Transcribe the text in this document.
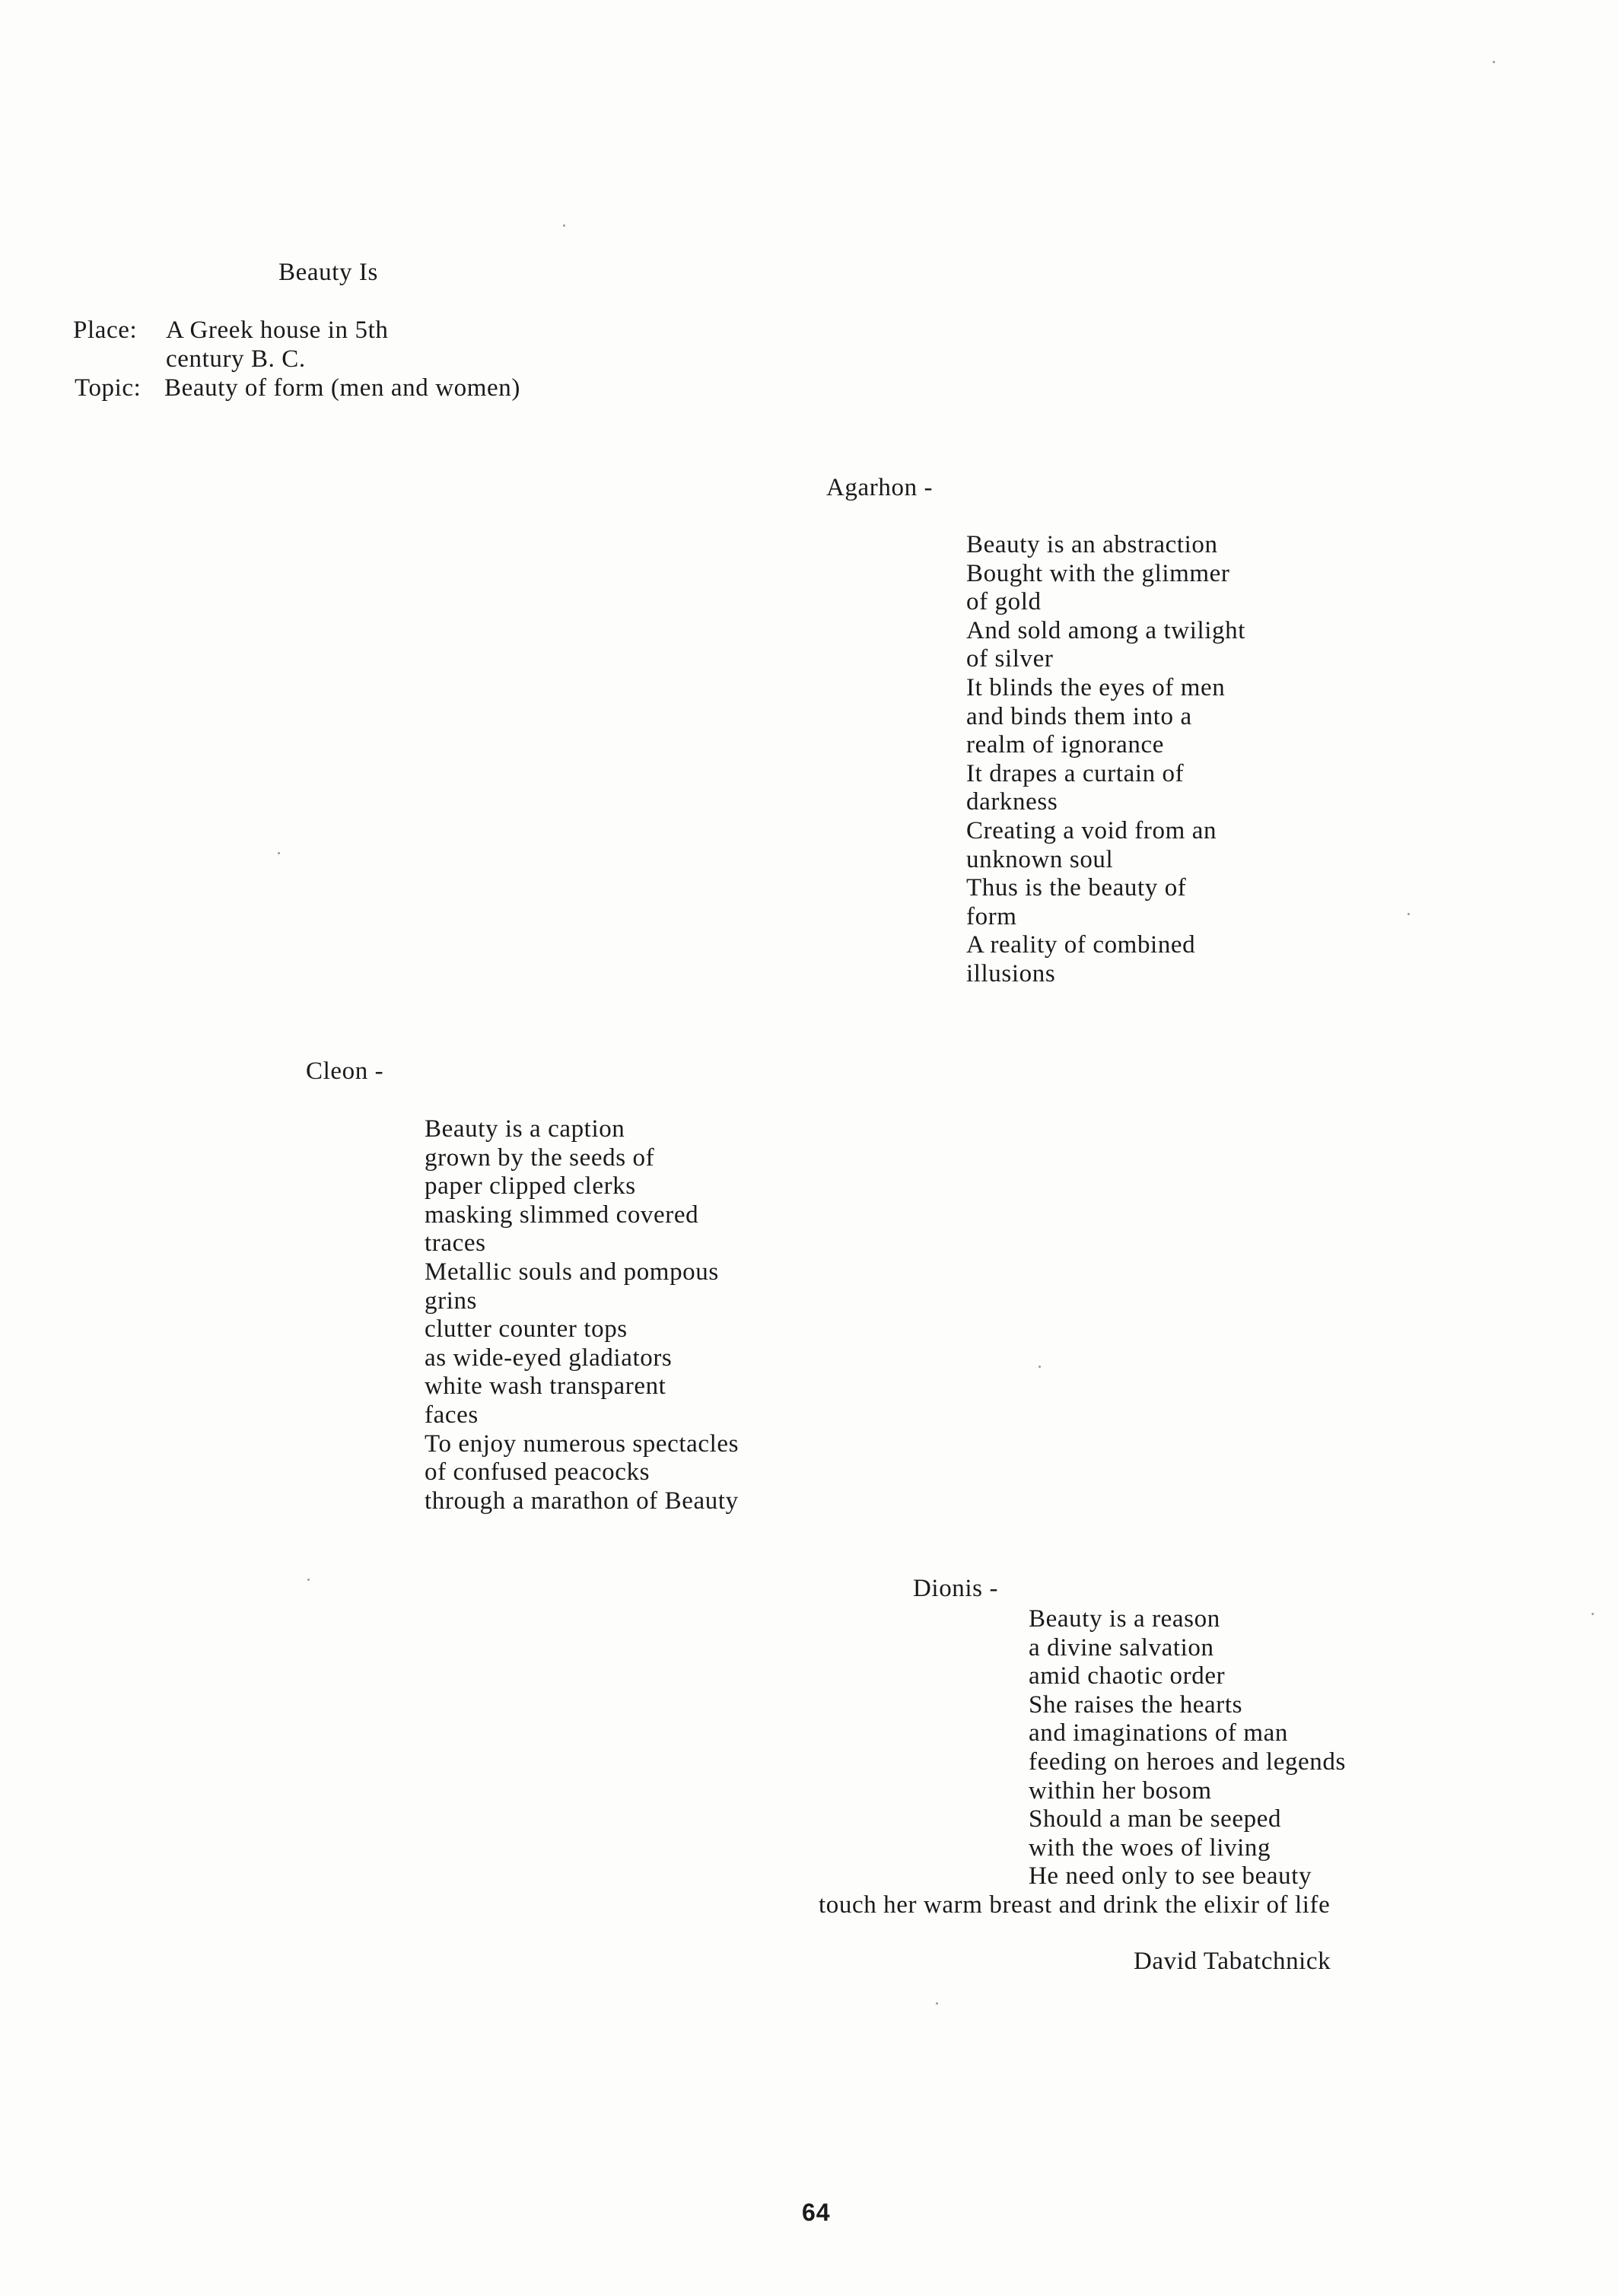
Beauty Is
Place: A Greek house in 5th
century B. C.
Topic: Beauty of form (men and women)
Agarhon -
Beauty is an abstraction
Bought with the glimmer
of gold
And sold among a twilight
of silver
It blinds the eyes of men
and binds them into a
realm of ignorance
It drapes a curtain of
darkness
Creating a void from an
unknown soul
Thus is the beauty of
form
A reality of combined
illusions
Cleon -
Beauty is a caption
grown by the seeds of
paper clipped clerks
masking slimmed covered
traces
Metallic souls and pompous
grins
clutter counter tops
as wide-eyed gladiators
white wash transparent
faces
To enjoy numerous spectacles
of confused peacocks
through a marathon of Beauty
Dionis -
Beauty is a reason
a divine salvation
amid chaotic order
She raises the hearts
and imaginations of man
feeding on heroes and legends
within her bosom
Should a man be seeped
with the woes of living
He need only to see beauty
touch her warm breast and drink the elixir of life
David Tabatchnick
64
